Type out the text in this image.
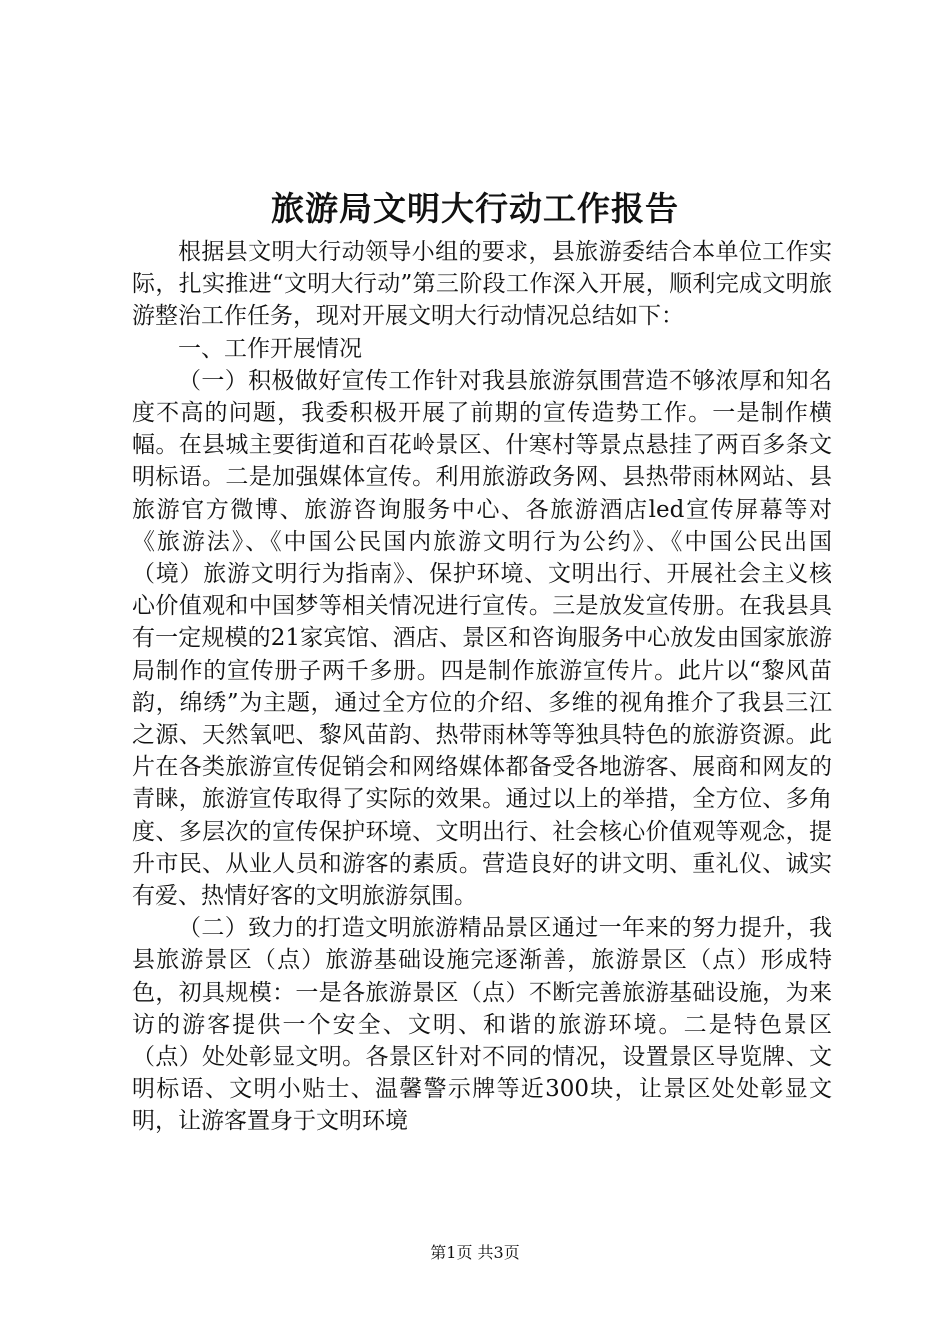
旅游局文明大行动工作报告

根据县文明大行动领导小组的要求，县旅游委结合本单位工作实际，扎实推进“文明大行动”第三阶段工作深入开展，顺利完成文明旅游整治工作任务，现对开展文明大行动情况总结如下：

一、工作开展情况

（一）积极做好宣传工作针对我县旅游氛围营造不够浓厚和知名度不高的问题，我委积极开展了前期的宣传造势工作。一是制作横幅。在县城主要街道和百花岭景区、什寒村等景点悬挂了两百多条文明标语。二是加强媒体宣传。利用旅游政务网、县热带雨林网站、县旅游官方微博、旅游咨询服务中心、各旅游酒店led宣传屏幕等对《旅游法》、《中国公民国内旅游文明行为公约》、《中国公民出国（境）旅游文明行为指南》、保护环境、文明出行、开展社会主义核心价值观和中国梦等相关情况进行宣传。三是放发宣传册。在我县具有一定规模的21家宾馆、酒店、景区和咨询服务中心放发由国家旅游局制作的宣传册子两千多册。四是制作旅游宣传片。此片以“黎风苗韵，绵绣”为主题，通过全方位的介绍、多维的视角推介了我县三江之源、天然氧吧、黎风苗韵、热带雨林等等独具特色的旅游资源。此片在各类旅游宣传促销会和网络媒体都备受各地游客、展商和网友的青睐，旅游宣传取得了实际的效果。通过以上的举措，全方位、多角度、多层次的宣传保护环境、文明出行、社会核心价值观等观念，提升市民、从业人员和游客的素质。营造良好的讲文明、重礼仪、诚实有爱、热情好客的文明旅游氛围。

（二）致力的打造文明旅游精品景区通过一年来的努力提升，我县旅游景区（点）旅游基础设施完逐渐善，旅游景区（点）形成特色，初具规模：一是各旅游景区（点）不断完善旅游基础设施，为来访的游客提供一个安全、文明、和谐的旅游环境。二是特色景区（点）处处彰显文明。各景区针对不同的情况，设置景区导览牌、文明标语、文明小贴士、温馨警示牌等近300块，让景区处处彰显文明，让游客置身于文明环境

第1页 共3页
